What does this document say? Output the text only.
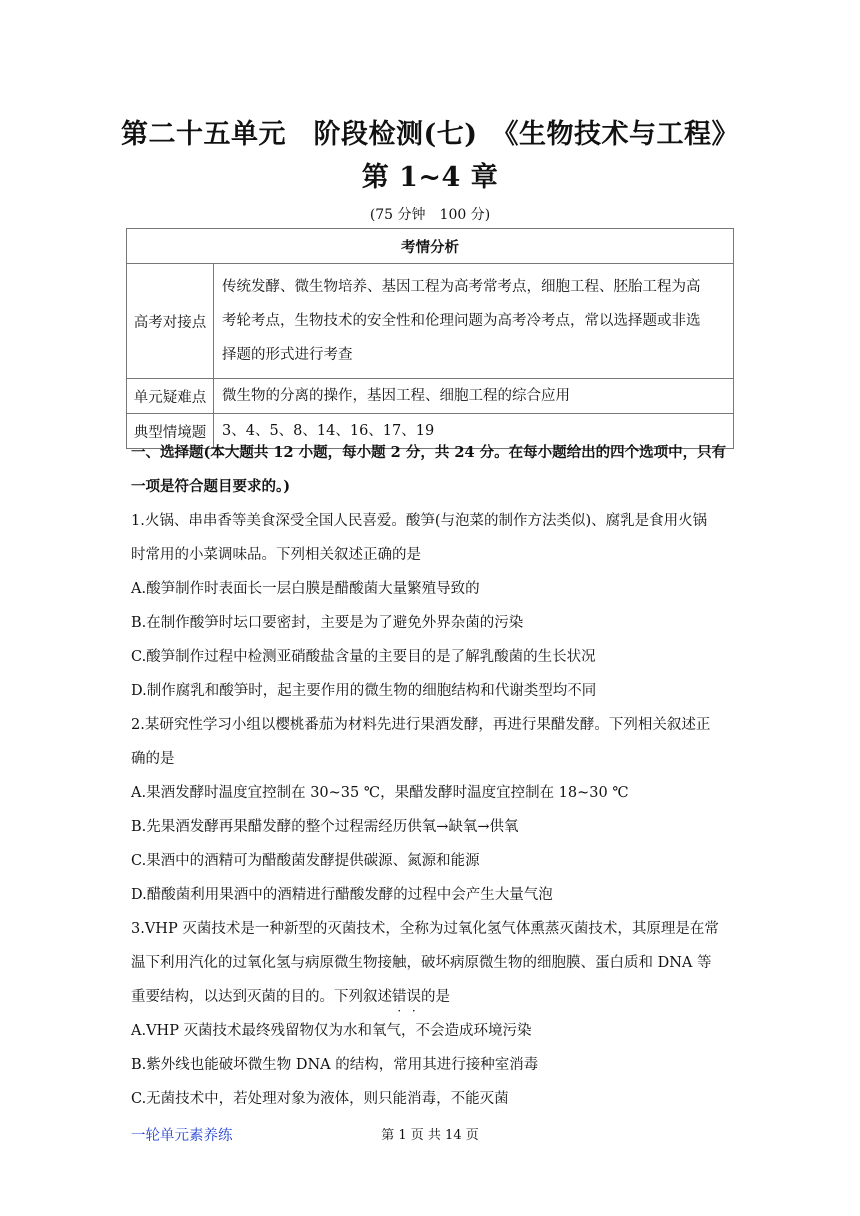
第二十五单元　阶段检测(七)　《生物技术与工程》
第 1~4 章
(75 分钟　100 分)
考情分析	
高考对接点	传统发酵、微生物培养、基因工程为高考常考点，细胞工程、胚胎工程为高
考轮考点，生物技术的安全性和伦理问题为高考冷考点，常以选择题或非选
择题的形式进行考查

单元疑难点	微生物的分离的操作，基因工程、细胞工程的综合应用
典型情境题	3、4、5、8、14、16、17、19

一、选择题(本大题共 12 小题，每小题 2 分，共 24 分。在每小题给出的四个选项中，只有

一项是符合题目要求的。)

1.火锅、串串香等美食深受全国人民喜爱。酸笋(与泡菜的制作方法类似)、腐乳是食用火锅

时常用的小菜调味品。下列相关叙述正确的是

A.酸笋制作时表面长一层白膜是醋酸菌大量繁殖导致的

B.在制作酸笋时坛口要密封，主要是为了避免外界杂菌的污染

C.酸笋制作过程中检测亚硝酸盐含量的主要目的是了解乳酸菌的生长状况

D.制作腐乳和酸笋时，起主要作用的微生物的细胞结构和代谢类型均不同

2.某研究性学习小组以樱桃番茄为材料先进行果酒发酵，再进行果醋发酵。下列相关叙述正

确的是

A.果酒发酵时温度宜控制在 30~35 ℃，果醋发酵时温度宜控制在 18~30 ℃

B.先果酒发酵再果醋发酵的整个过程需经历供氧→缺氧→供氧

C.果酒中的酒精可为醋酸菌发酵提供碳源、氮源和能源

D.醋酸菌利用果酒中的酒精进行醋酸发酵的过程中会产生大量气泡

3.VHP 灭菌技术是一种新型的灭菌技术，全称为过氧化氢气体熏蒸灭菌技术，其原理是在常

温下利用汽化的过氧化氢与病原微生物接触，破坏病原微生物的细胞膜、蛋白质和 DNA 等

重要结构，以达到灭菌的目的。下列叙述错误的是

A.VHP 灭菌技术最终残留物仅为水和氧气，不会造成环境污染

B.紫外线也能破坏微生物 DNA 的结构，常用其进行接种室消毒

C.无菌技术中，若处理对象为液体，则只能消毒，不能灭菌

一轮单元素养练	第 1 页 共 14 页
